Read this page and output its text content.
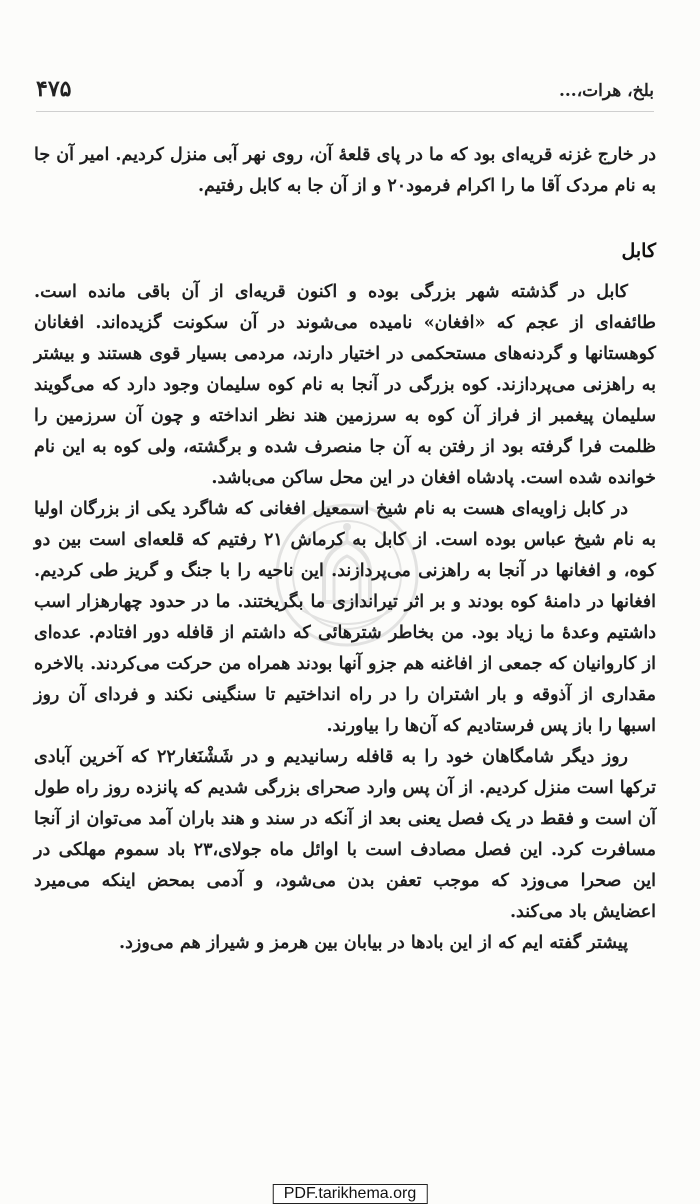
بلخ، هرات،...
۴۷۵

در خارج غزنه قریه‌ای بود که ما در پای قلعهٔ آن، روی نهر آبی منزل کردیم. امیر آن جا به نام مردک آقا ما را اکرام فرمود۲۰ و از آن جا به کابل رفتیم.

کابل

کابل در گذشته شهر بزرگی بوده و اکنون قریه‌ای از آن باقی مانده است. طائفه‌ای از عجم که «افغان» نامیده می‌شوند در آن سکونت گزیده‌اند. افغانان کوهستانها و گردنه‌های مستحکمی در اختیار دارند، مردمی بسیار قوی هستند و بیشتر به راهزنی می‌پردازند. کوه بزرگی در آنجا به نام کوه سلیمان وجود دارد که می‌گویند سلیمان پیغمبر از فراز آن کوه به سرزمین هند نظر انداخته و چون آن سرزمین را ظلمت فرا گرفته بود از رفتن به آن جا منصرف شده و برگشته، ولی کوه به این نام خوانده شده است. پادشاه افغان در این محل ساکن می‌باشد.

در کابل زاویه‌ای هست به نام شیخ اسمعیل افغانی که شاگرد یکی از بزرگان اولیا به نام شیخ عباس بوده است. از کابل به کرماش ۲۱ رفتیم که قلعه‌ای است بین دو کوه، و افغانها در آنجا به راهزنی می‌پردازند. این ناحیه را با جنگ و گریز طی کردیم. افغانها در دامنهٔ کوه بودند و بر اثر تیراندازی ما بگریختند. ما در حدود چهارهزار اسب داشتیم وعدهٔ ما زیاد بود. من بخاطر شترهائی که داشتم از قافله دور افتادم. عده‌ای از کاروانیان که جمعی از افاغنه هم جزو آنها بودند همراه من حرکت می‌کردند. بالاخره مقداری از آذوقه و بار اشتران را در راه انداختیم تا سنگینی نکند و فردای آن روز اسبها را باز پس فرستادیم که آن‌ها را بیاورند.

روز دیگر شامگاهان خود را به قافله رسانیدیم و در شَشْنَغار۲۲ که آخرین آبادی ترکها است منزل کردیم. از آن پس وارد صحرای بزرگی شدیم که پانزده روز راه طول آن است و فقط در یک فصل یعنی بعد از آنکه در سند و هند باران آمد می‌توان از آنجا مسافرت کرد. این فصل مصادف است با اوائل ماه جولای،۲۳ باد سموم مهلکی در این صحرا می‌وزد که موجب تعفن بدن می‌شود، و آدمی بمحض اینکه می‌میرد اعضایش باد می‌کند.

پیشتر گفته ایم که از این بادها در بیابان بین هرمز و شیراز هم می‌وزد.

PDF.tarikhema.org
